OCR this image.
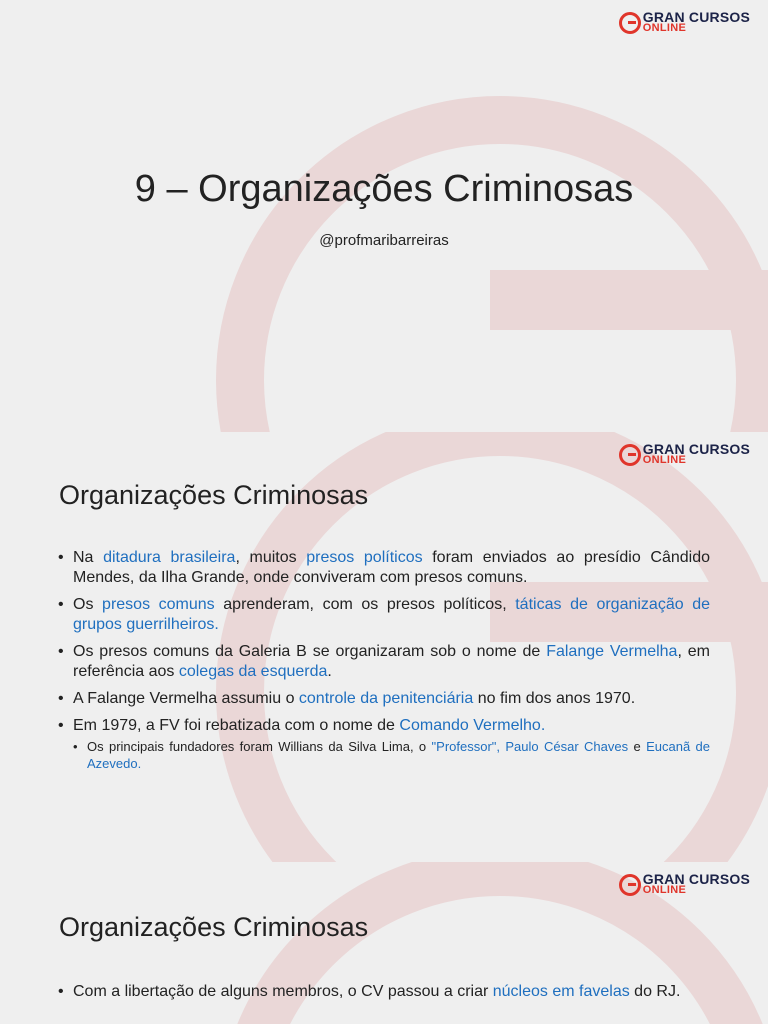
GRAN CURSOS
ONLINE
9 – Organizações Criminosas
@profmaribarreiras
GRAN CURSOS
ONLINE
Organizações Criminosas
• Na ditadura brasileira, muitos presos políticos foram enviados ao presídio Cândido Mendes, da Ilha Grande, onde conviveram com presos comuns.
• Os presos comuns aprenderam, com os presos políticos, táticas de organização de grupos guerrilheiros.
• Os presos comuns da Galeria B se organizaram sob o nome de Falange Vermelha, em referência aos colegas da esquerda.
• A Falange Vermelha assumiu o controle da penitenciária no fim dos anos 1970.
• Em 1979, a FV foi rebatizada com o nome de Comando Vermelho.
• Os principais fundadores foram Willians da Silva Lima, o "Professor", Paulo César Chaves e Eucanã de Azevedo.
GRAN CURSOS
ONLINE
Organizações Criminosas
• Com a libertação de alguns membros, o CV passou a criar núcleos em favelas do RJ.
